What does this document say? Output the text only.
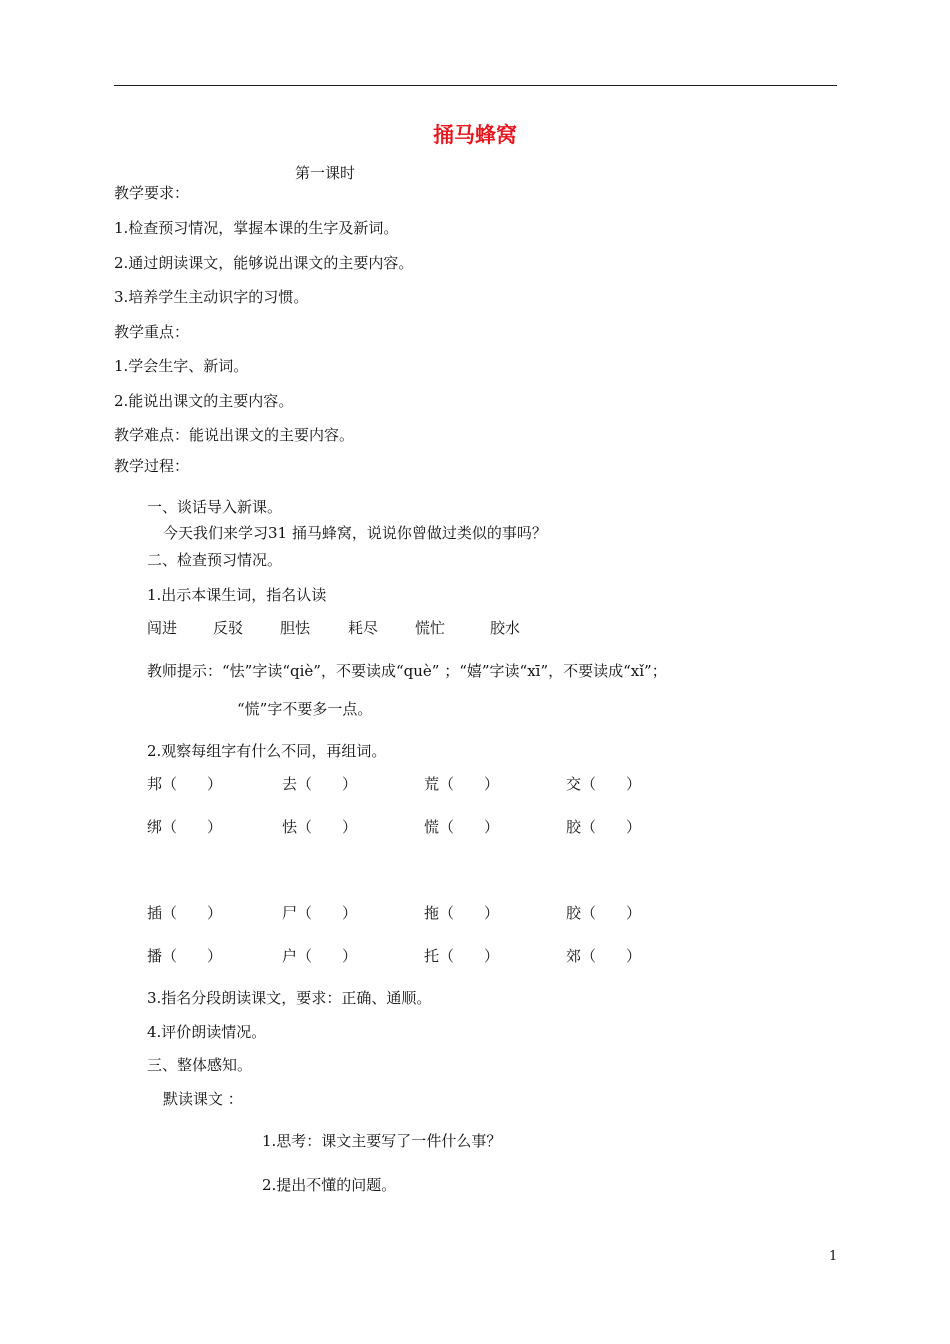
捅马蜂窝
第一课时
教学要求：
1.检查预习情况，掌握本课的生字及新词。
2.通过朗读课文，能够说出课文的主要内容。
3.培养学生主动识字的习惯。
教学重点：
1.学会生字、新词。
2.能说出课文的主要内容。
教学难点：能说出课文的主要内容。
教学过程：
一、谈话导入新课。
今天我们来学习31 捅马蜂窝，说说你曾做过类似的事吗？
二、检查预习情况。
1.出示本课生词，指名认读
闯进 反驳 胆怯	耗尽 慌忙	胶水
教师提示：“怯”字读“qiè”，不要读成“què” ；“嬉”字读“xī”，不要读成“xǐ”；
“慌”字不要多一点。
2.观察每组字有什么不同，再组词。
邦（　　）	去（　　）	荒（　　）	交（　　）
绑（　　）	怯（　　）	慌（　　）	胶（　　）
插（　　）	尸（　　）	拖（　　）	胶（　　）
播（　　）	户（　　）	托（　　）	郊（　　）
3.指名分段朗读课文，要求：正确、通顺。
4.评价朗读情况。
三、整体感知。
默读课文 ：
1.思考：课文主要写了一件什么事？
2.提出不懂的问题。
1
